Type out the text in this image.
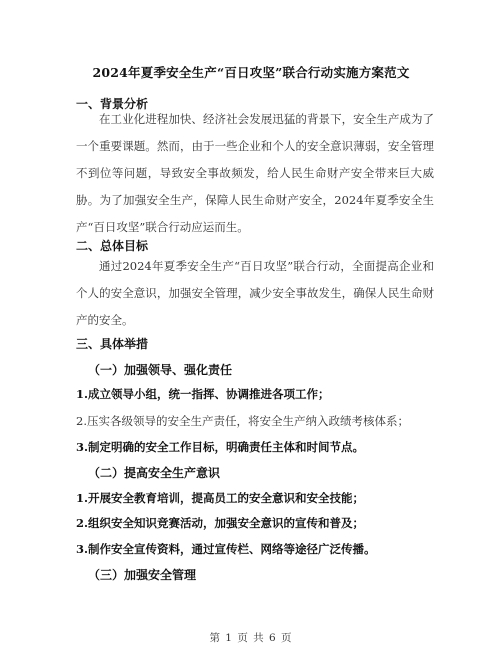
2024年夏季安全生产“百日攻坚”联合行动实施方案范文
一、背景分析

在工业化进程加快、经济社会发展迅猛的背景下，安全生产成为了一个重要课题。然而，由于一些企业和个人的安全意识薄弱，安全管理不到位等问题，导致安全事故频发，给人民生命财产安全带来巨大威胁。为了加强安全生产，保障人民生命财产安全，2024年夏季安全生产“百日攻坚”联合行动应运而生。

二、总体目标

通过2024年夏季安全生产“百日攻坚”联合行动，全面提高企业和个人的安全意识，加强安全管理，减少安全事故发生，确保人民生命财产的安全。

三、具体举措
（一）加强领导、强化责任
1.成立领导小组，统一指挥、协调推进各项工作；
2.压实各级领导的安全生产责任，将安全生产纳入政绩考核体系；
3.制定明确的安全工作目标，明确责任主体和时间节点。
（二）提高安全生产意识
1.开展安全教育培训，提高员工的安全意识和安全技能；
2.组织安全知识竞赛活动，加强安全意识的宣传和普及；
3.制作安全宣传资料，通过宣传栏、网络等途径广泛传播。
（三）加强安全管理
第 1 页 共 6 页
